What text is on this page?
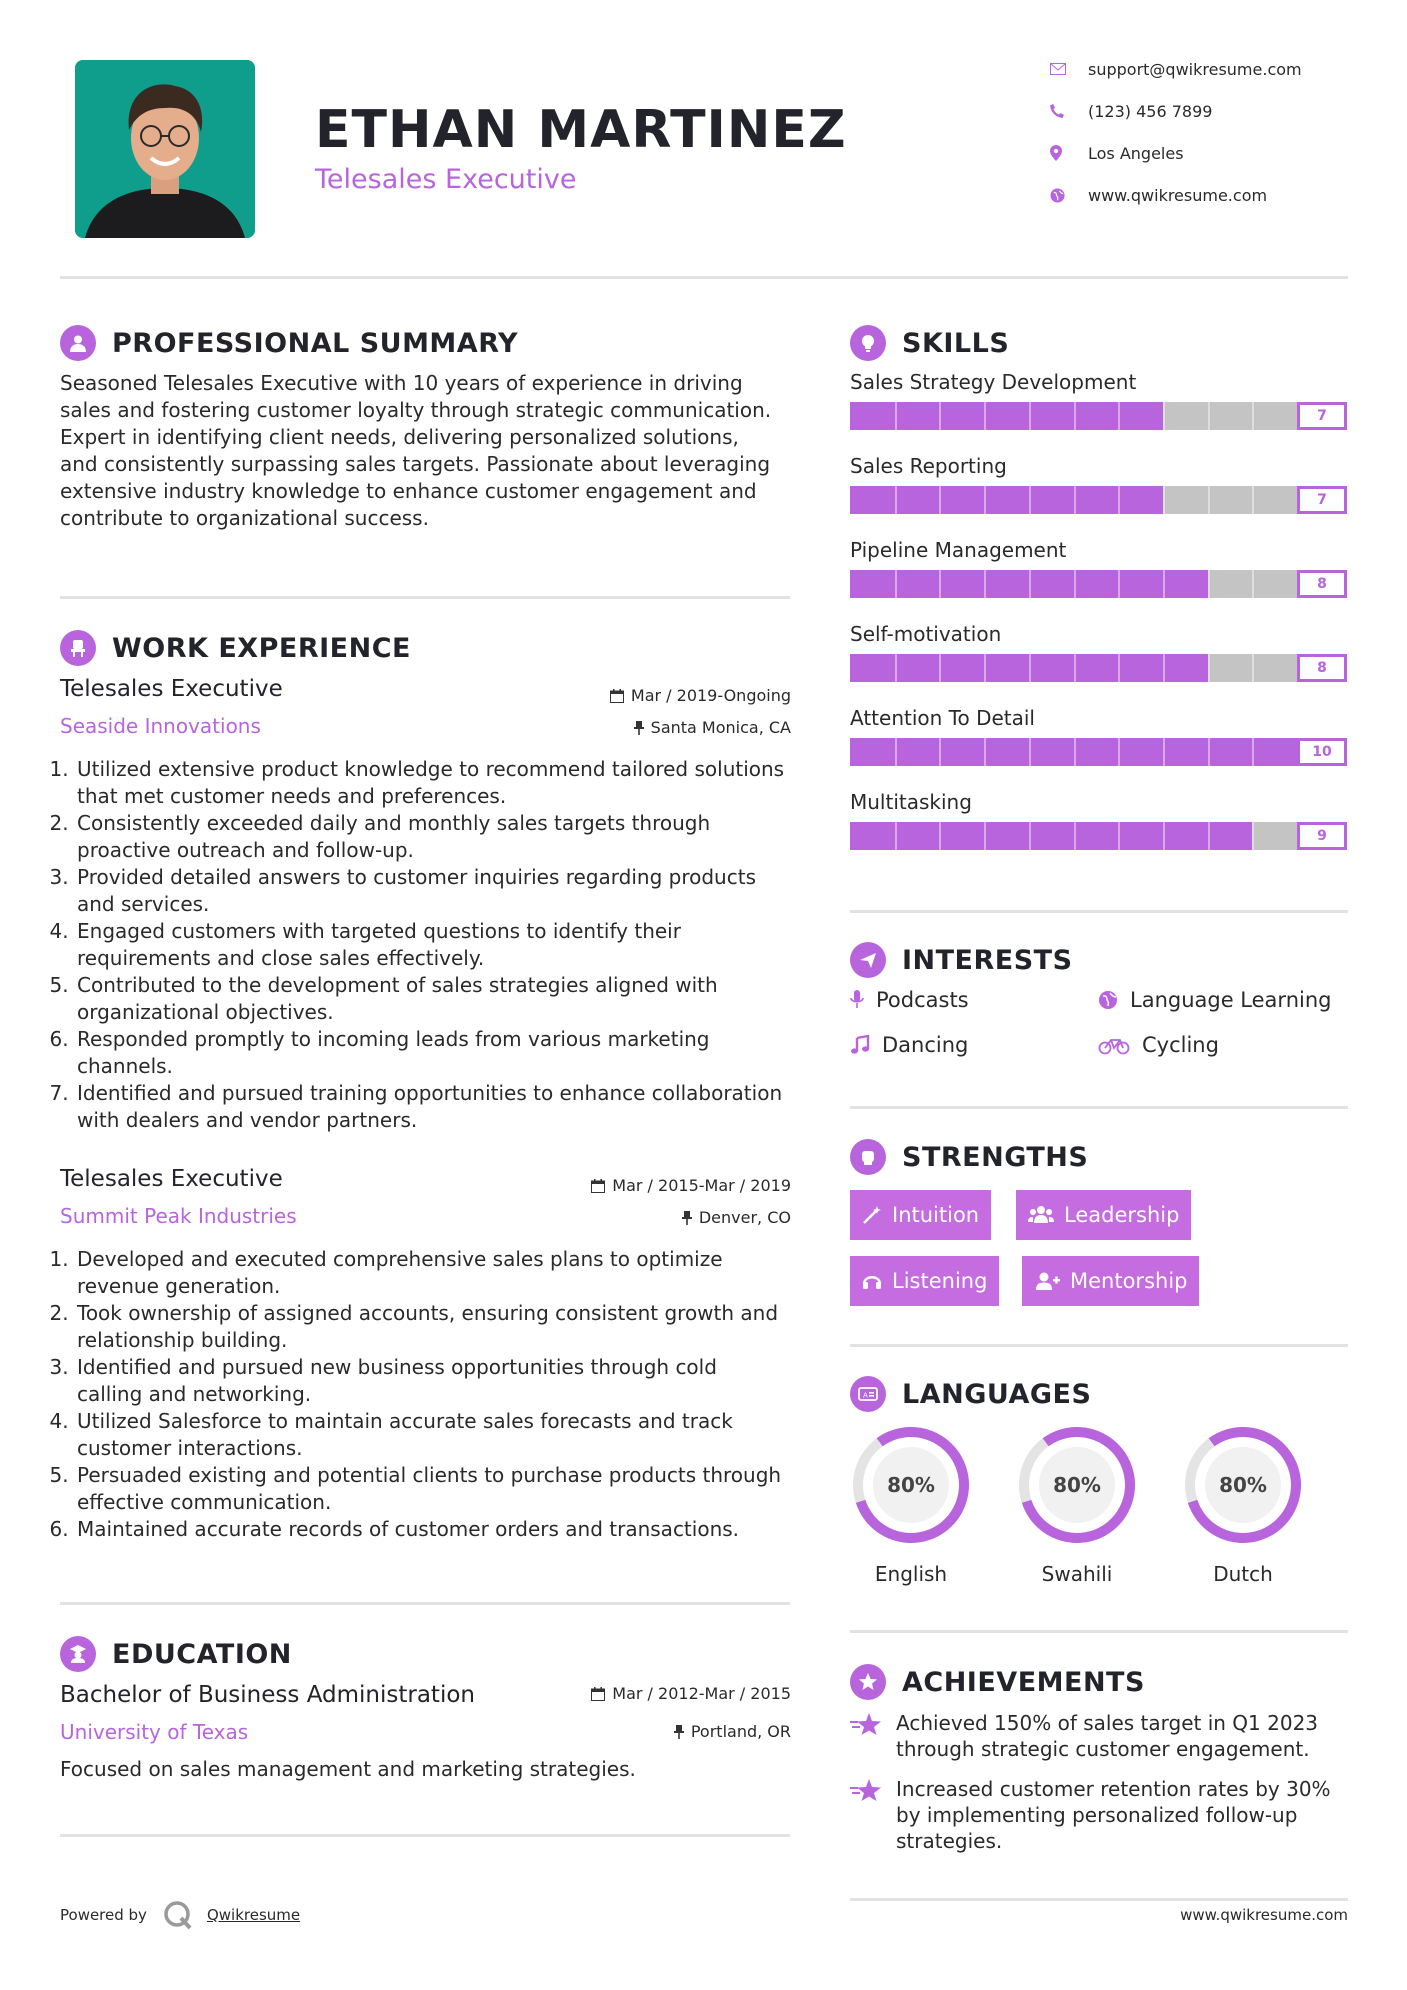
ETHAN MARTINEZ
Telesales Executive
support@qwikresume.com
(123) 456 7899
Los Angeles
www.qwikresume.com
PROFESSIONAL SUMMARY
Seasoned Telesales Executive with 10 years of experience in driving sales and fostering customer loyalty through strategic communication. Expert in identifying client needs, delivering personalized solutions, and consistently surpassing sales targets. Passionate about leveraging extensive industry knowledge to enhance customer engagement and contribute to organizational success.
WORK EXPERIENCE
Telesales Executive	Mar / 2019-Ongoing
Seaside Innovations	Santa Monica, CA
1. Utilized extensive product knowledge to recommend tailored solutions that met customer needs and preferences.
2. Consistently exceeded daily and monthly sales targets through proactive outreach and follow-up.
3. Provided detailed answers to customer inquiries regarding products and services.
4. Engaged customers with targeted questions to identify their requirements and close sales effectively.
5. Contributed to the development of sales strategies aligned with organizational objectives.
6. Responded promptly to incoming leads from various marketing channels.
7. Identified and pursued training opportunities to enhance collaboration with dealers and vendor partners.
Telesales Executive	Mar / 2015-Mar / 2019
Summit Peak Industries	Denver, CO
1. Developed and executed comprehensive sales plans to optimize revenue generation.
2. Took ownership of assigned accounts, ensuring consistent growth and relationship building.
3. Identified and pursued new business opportunities through cold calling and networking.
4. Utilized Salesforce to maintain accurate sales forecasts and track customer interactions.
5. Persuaded existing and potential clients to purchase products through effective communication.
6. Maintained accurate records of customer orders and transactions.
EDUCATION
Bachelor of Business Administration	Mar / 2012-Mar / 2015
University of Texas	Portland, OR
Focused on sales management and marketing strategies.
Powered by	Qwikresume
SKILLS
Sales Strategy Development
7
Sales Reporting
7
Pipeline Management
8
Self-motivation
8
Attention To Detail
10
Multitasking
9
INTERESTS
Podcasts	Language Learning
Dancing	Cycling
STRENGTHS
Intuition	Leadership
Listening	Mentorship
A LANGUAGES
80%
English
80%
Swahili
80%
Dutch
ACHIEVEMENTS
Achieved 150% of sales target in Q1 2023 through strategic customer engagement.
Increased customer retention rates by 30% by implementing personalized follow-up strategies.
www.qwikresume.com
